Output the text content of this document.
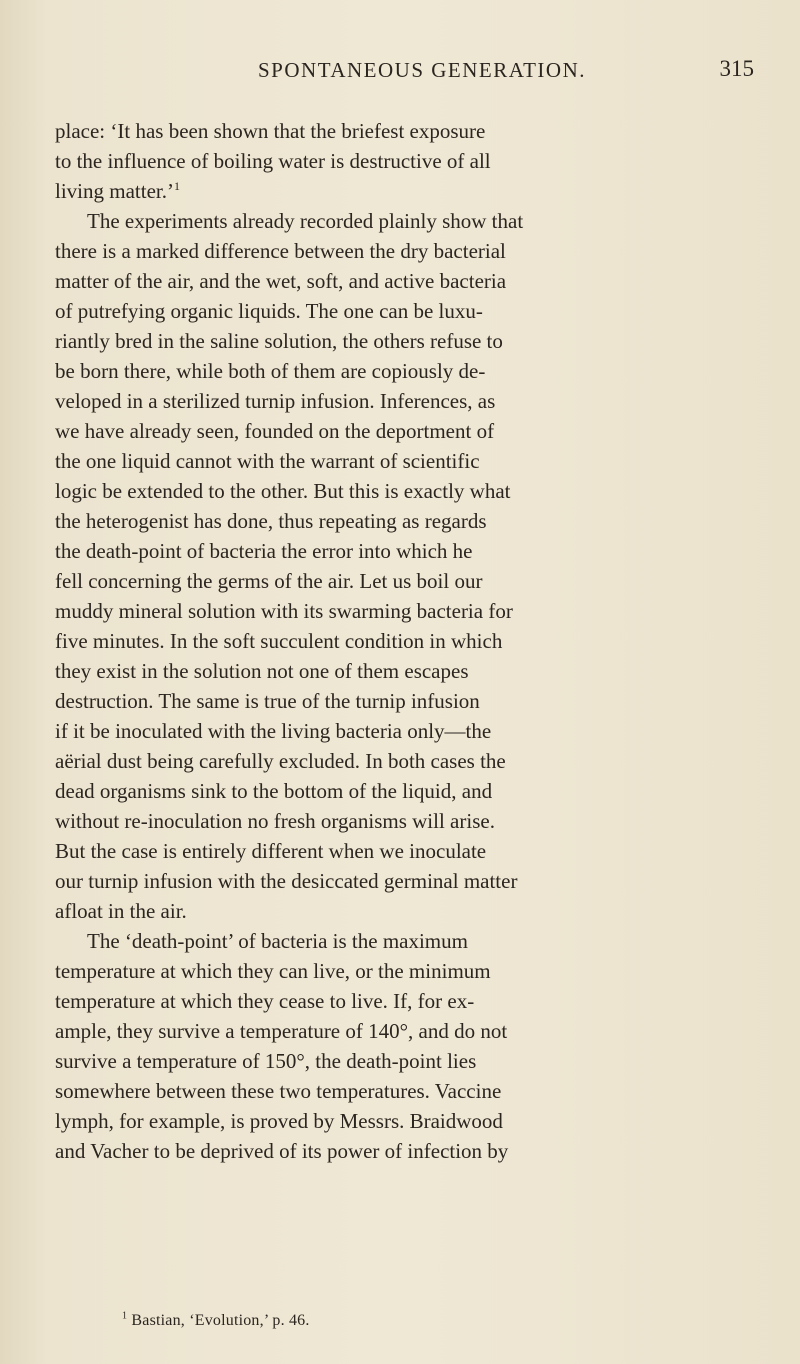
SPONTANEOUS GENERATION.	315

place: ‘It has been shown that the briefest exposure
to the influence of boiling water is destructive of all
living matter.’$^1$

The experiments already recorded plainly show that
there is a marked difference between the dry bacterial
matter of the air, and the wet, soft, and active bacteria
of putrefying organic liquids. The one can be luxu-
riantly bred in the saline solution, the others refuse to
be born there, while both of them are copiously de-
veloped in a sterilized turnip infusion. Inferences, as
we have already seen, founded on the deportment of
the one liquid cannot with the warrant of scientific
logic be extended to the other. But this is exactly what
the heterogenist has done, thus repeating as regards
the death-point of bacteria the error into which he
fell concerning the germs of the air. Let us boil our
muddy mineral solution with its swarming bacteria for
five minutes. In the soft succulent condition in which
they exist in the solution not one of them escapes
destruction. The same is true of the turnip infusion
if it be inoculated with the living bacteria only—the
aërial dust being carefully excluded. In both cases the
dead organisms sink to the bottom of the liquid, and
without re-inoculation no fresh organisms will arise.
But the case is entirely different when we inoculate
our turnip infusion with the desiccated germinal matter
afloat in the air.

The ‘death-point’ of bacteria is the maximum
temperature at which they can live, or the minimum
temperature at which they cease to live. If, for ex-
ample, they survive a temperature of 140°, and do not
survive a temperature of 150°, the death-point lies
somewhere between these two temperatures. Vaccine
lymph, for example, is proved by Messrs. Braidwood
and Vacher to be deprived of its power of infection by

$^1$ Bastian, ‘Evolution,’ p. 46.
